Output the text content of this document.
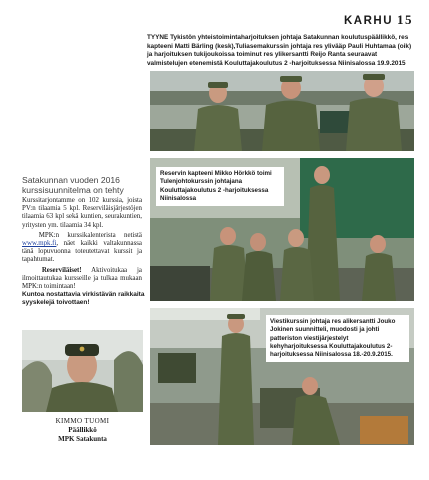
KARHU 15
TYYNE Tykistön yhteistoimintaharjoituksen johtaja Satakunnan koulutuspäällikkö, res kapteeni Matti Bärling (kesk),Tuliasemakurssin johtaja res ylivääp Pauli Huhtamaa (oik) ja harjoituksen tukijoukoissa toiminut res ylikersantti Reijo Ranta seuraavat valmistelujen etenemistä Kouluttajakoulutus 2 -harjoituksessa Niinisalossa 19.9.2015
Reservin kapteeni Mikko Hörkkö toimi Tulenjohtokurssin johtajana Kouluttajakoulutus 2 -harjoituksessa Niinisalossa
Viestikurssin johtaja res alikersantti Jouko Jokinen suunnitteli, muodosti ja johti patteriston viestijärjestelyt kehyharjoituksessa Kouluttajakoulutus 2-harjoituksessa Niinisalossa 18.-20.9.2015.
Satakunnan vuoden 2016
kurssisuunnitelma on tehty

Kurssitarjontamme on 102 kurssia, joista PV:n tilaamia 5 kpl. Reserviläisjärjestöjen tilaamia 63 kpl sekä kuntien, seurakuntien, yritysten ym. tilaamia 34 kpl.

MPK:n kurssikalenterista netistä www.mpk.fi, näet kaikki valtakunnassa tänä lopuvuonna toteutettavat kurssit ja tapahtumat.

Reserviläiset! Aktivoitukaa ja ilmoittautukaa kursseille ja tulkaa mukaan MPK:n toimintaan!

Kuntoa nostattavia virkistävän raikkaita syyskelejä toivottaen!
KIMMO TUOMI
Päällikkö
MPK Satakunta
